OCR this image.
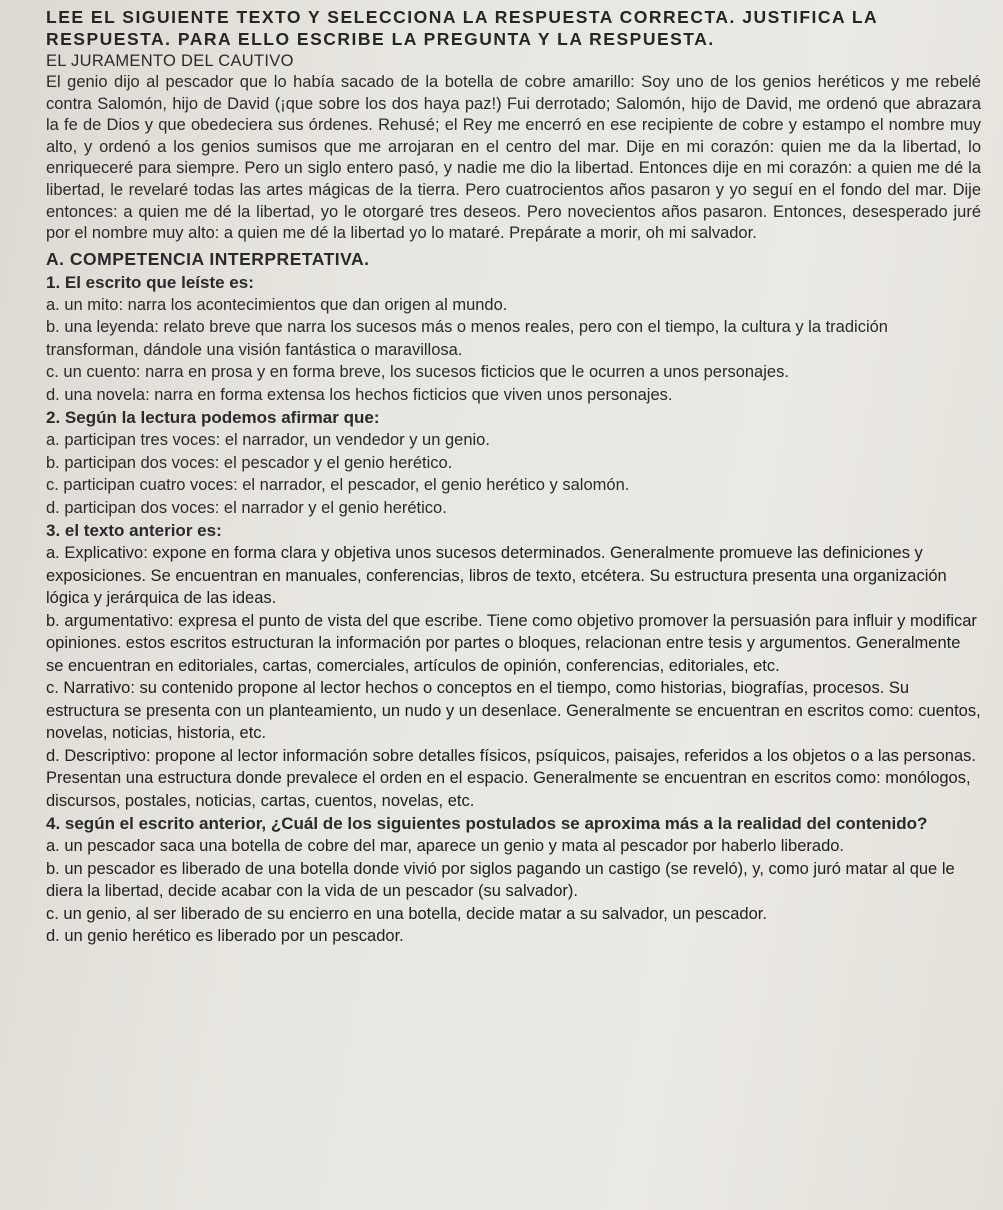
LEE EL SIGUIENTE TEXTO Y SELECCIONA LA RESPUESTA CORRECTA. JUSTIFICA LA RESPUESTA. PARA ELLO ESCRIBE LA PREGUNTA Y LA RESPUESTA.

EL JURAMENTO DEL CAUTIVO

El genio dijo al pescador que lo había sacado de la botella de cobre amarillo: Soy uno de los genios heréticos y me rebelé contra Salomón, hijo de David (¡que sobre los dos haya paz!) Fui derrotado; Salomón, hijo de David, me ordenó que abrazara la fe de Dios y que obedeciera sus órdenes. Rehusé; el Rey me encerró en ese recipiente de cobre y estampo el nombre muy alto, y ordenó a los genios sumisos que me arrojaran en el centro del mar. Dije en mi corazón: quien me da la libertad, lo enriqueceré para siempre. Pero un siglo entero pasó, y nadie me dio la libertad. Entonces dije en mi corazón: a quien me dé la libertad, le revelaré todas las artes mágicas de la tierra. Pero cuatrocientos años pasaron y yo seguí en el fondo del mar. Dije entonces: a quien me dé la libertad, yo le otorgaré tres deseos. Pero novecientos años pasaron. Entonces, desesperado juré por el nombre muy alto: a quien me dé la libertad yo lo mataré. Prepárate a morir, oh mi salvador.

A. COMPETENCIA INTERPRETATIVA.

1. El escrito que leíste es:

a. un mito: narra los acontecimientos que dan origen al mundo.

b. una leyenda: relato breve que narra los sucesos más o menos reales, pero con el tiempo, la cultura y la tradición transforman, dándole una visión fantástica o maravillosa.

c. un cuento: narra en prosa y en forma breve, los sucesos ficticios que le ocurren a unos personajes.

d. una novela: narra en forma extensa los hechos ficticios que viven unos personajes.

2. Según la lectura podemos afirmar que:

a. participan tres voces: el narrador, un vendedor y un genio.

b. participan dos voces: el pescador y el genio herético.

c. participan cuatro voces: el narrador, el pescador, el genio herético y salomón.

d. participan dos voces: el narrador y el genio herético.

3. el texto anterior es:

a. Explicativo: expone en forma clara y objetiva unos sucesos determinados. Generalmente promueve las definiciones y exposiciones. Se encuentran en manuales, conferencias, libros de texto, etcétera. Su estructura presenta una organización lógica y jerárquica de las ideas.

b. argumentativo: expresa el punto de vista del que escribe. Tiene como objetivo promover la persuasión para influir y modificar opiniones. estos escritos estructuran la información por partes o bloques, relacionan entre tesis y argumentos. Generalmente se encuentran en editoriales, cartas, comerciales, artículos de opinión, conferencias, editoriales, etc.

c. Narrativo: su contenido propone al lector hechos o conceptos en el tiempo, como historias, biografías, procesos. Su estructura se presenta con un planteamiento, un nudo y un desenlace. Generalmente se encuentran en escritos como: cuentos, novelas, noticias, historia, etc.

d. Descriptivo: propone al lector información sobre detalles físicos, psíquicos, paisajes, referidos a los objetos o a las personas. Presentan una estructura donde prevalece el orden en el espacio. Generalmente se encuentran en escritos como: monólogos, discursos, postales, noticias, cartas, cuentos, novelas, etc.

4. según el escrito anterior, ¿Cuál de los siguientes postulados se aproxima más a la realidad del contenido?

a. un pescador saca una botella de cobre del mar, aparece un genio y mata al pescador por haberlo liberado.

b. un pescador es liberado de una botella donde vivió por siglos pagando un castigo (se reveló), y, como juró matar al que le diera la libertad, decide acabar con la vida de un pescador (su salvador).

c. un genio, al ser liberado de su encierro en una botella, decide matar a su salvador, un pescador.

d. un genio herético es liberado por un pescador.
